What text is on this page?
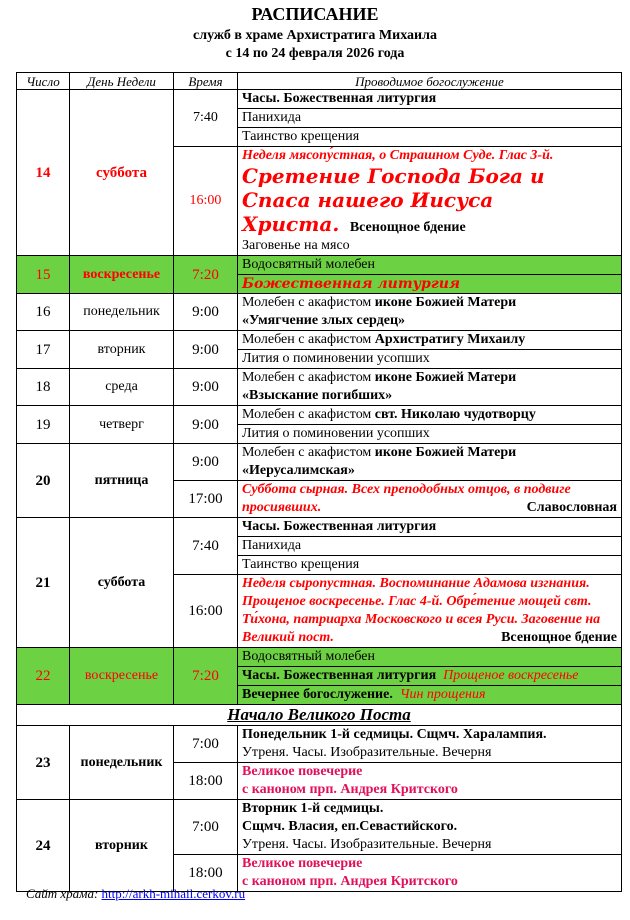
РАСПИСАНИЕ
служб в храме Архистратига Михаила
с 14 по 24 февраля 2026 года
Число	День Недели	Время	Проводимое богослужение
14	суббота	7:40	Часы. Божественная литургия
			Панихида
			Таинство крещения
		16:00	Неделя мясопу́стная, о Страшном Суде. Глас 3-й.
Сретение Господа Бога и Спаса нашего Иисуса Христа. Всенощное бдение

			Заговенье на мясо
15	воскресенье	7:20	Водосвятный молебен
			Божественная литургия
16	понедельник	9:00	Молебен с акафистом иконе Божией Матери
«Умягчение злых сердец»

17	вторник	9:00	Молебен с акафистом Архистратигу Михаилу
			Лития о поминовении усопших
18	среда	9:00	Молебен с акафистом иконе Божией Матери
«Взыскание погибших»

19	четверг	9:00	Молебен с акафистом свт. Николаю чудотворцу
			Лития о поминовении усопших
20	пятница	9:00	Молебен с акафистом иконе Божией Матери
«Иерусалимская»

		17:00	Суббота сырная. Всех преподобных отцов, в подвиге просиявших. Славословная

21	суббота	7:40	Часы. Божественная литургия
			Панихида
			Таинство крещения
		16:00	Неделя сыропустная. Воспоминание Адамова изгнания. Прощеное воскресенье. Глас 4-й. Обре́тение мощей свт. Ти́хона, патриарха Московского и всея Руси. Заговение на Великий пост. Всенощное бдение

22	воскресенье	7:20	Водосвятный молебен
			Часы. Божественная литургия Прощеное воскресенье
			Вечернее богослужение. Чин прощения
Начало Великого Поста			
23	понедельник	7:00	Понедельник 1-й седмицы. Сщмч. Харалампия.
Утреня. Часы. Изобразительные. Вечерня

		18:00	Великое повечерие
с каноном прп. Андрея Критского

24	вторник	7:00	Вторник 1-й седмицы.
Сщмч. Власия, еп.Севастийского.
Утреня. Часы. Изобразительные. Вечерня

		18:00	Великое повечерие
с каноном прп. Андрея Критского
Сайт храма: http://arkh-mihail.cerkov.ru
